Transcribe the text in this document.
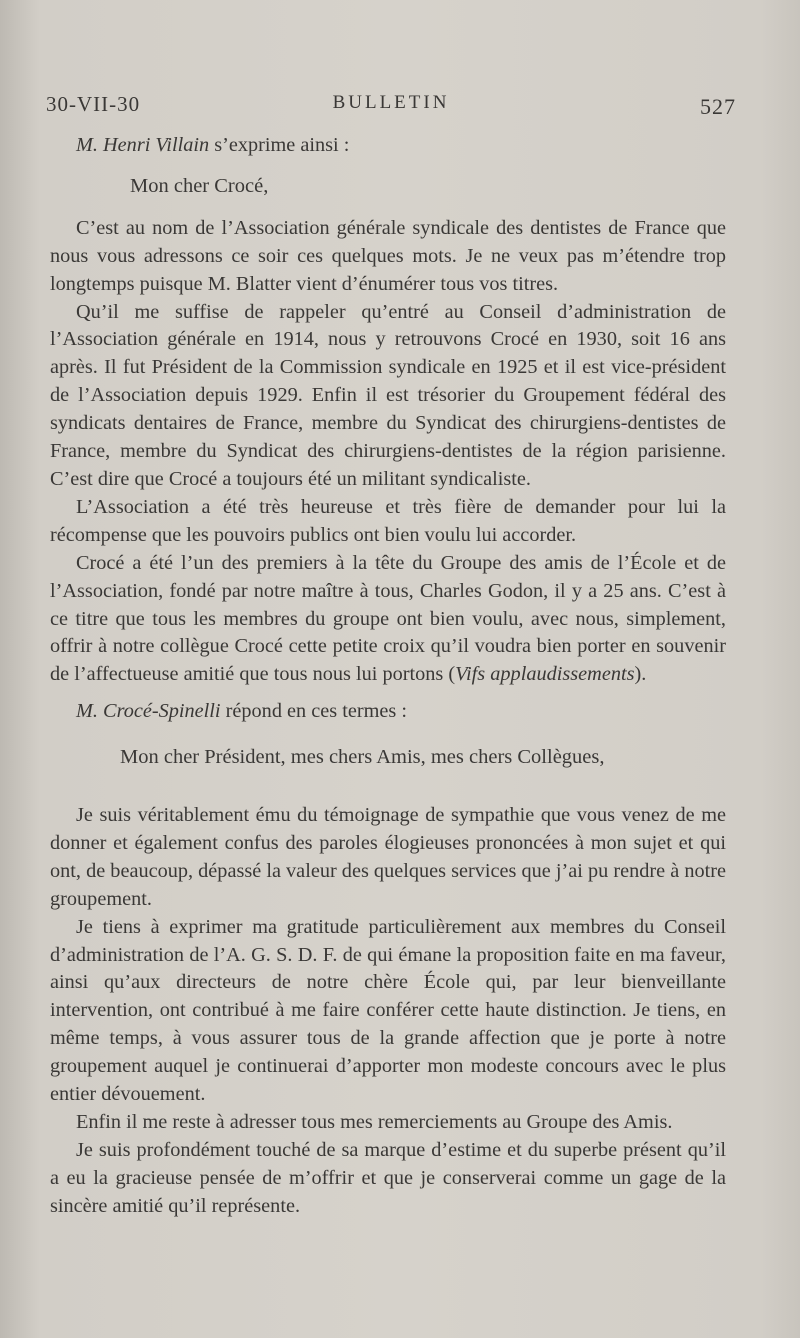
30-VII-30	BULLETIN	527

M. Henri Villain s’exprime ainsi :

Mon cher Crocé,

C’est au nom de l’Association générale syndicale des dentistes de France que nous vous adressons ce soir ces quelques mots. Je ne veux pas m’étendre trop longtemps puisque M. Blatter vient d’énumérer tous vos titres.

Qu’il me suffise de rappeler qu’entré au Conseil d’administration de l’Association générale en 1914, nous y retrouvons Crocé en 1930, soit 16 ans après. Il fut Président de la Commission syndicale en 1925 et il est vice-président de l’Association depuis 1929. Enfin il est trésorier du Groupement fédéral des syndicats dentaires de France, membre du Syndicat des chirurgiens-dentistes de France, membre du Syndicat des chirurgiens-dentistes de la région parisienne. C’est dire que Crocé a toujours été un militant syndicaliste.

L’Association a été très heureuse et très fière de demander pour lui la récompense que les pouvoirs publics ont bien voulu lui accorder.

Crocé a été l’un des premiers à la tête du Groupe des amis de l’École et de l’Association, fondé par notre maître à tous, Charles Godon, il y a 25 ans. C’est à ce titre que tous les membres du groupe ont bien voulu, avec nous, simplement, offrir à notre collègue Crocé cette petite croix qu’il voudra bien porter en souvenir de l’affectueuse amitié que tous nous lui portons (Vifs applaudissements).

M. Crocé-Spinelli répond en ces termes :

Mon cher Président, mes chers Amis, mes chers Collègues,

Je suis véritablement ému du témoignage de sympathie que vous venez de me donner et également confus des paroles élogieuses prononcées à mon sujet et qui ont, de beaucoup, dépassé la valeur des quelques services que j’ai pu rendre à notre groupement.

Je tiens à exprimer ma gratitude particulièrement aux membres du Conseil d’administration de l’A. G. S. D. F. de qui émane la proposition faite en ma faveur, ainsi qu’aux directeurs de notre chère École qui, par leur bienveillante intervention, ont contribué à me faire conférer cette haute distinction. Je tiens, en même temps, à vous assurer tous de la grande affection que je porte à notre groupement auquel je continuerai d’apporter mon modeste concours avec le plus entier dévouement.

Enfin il me reste à adresser tous mes remerciements au Groupe des Amis.

Je suis profondément touché de sa marque d’estime et du superbe présent qu’il a eu la gracieuse pensée de m’offrir et que je conserverai comme un gage de la sincère amitié qu’il représente.
